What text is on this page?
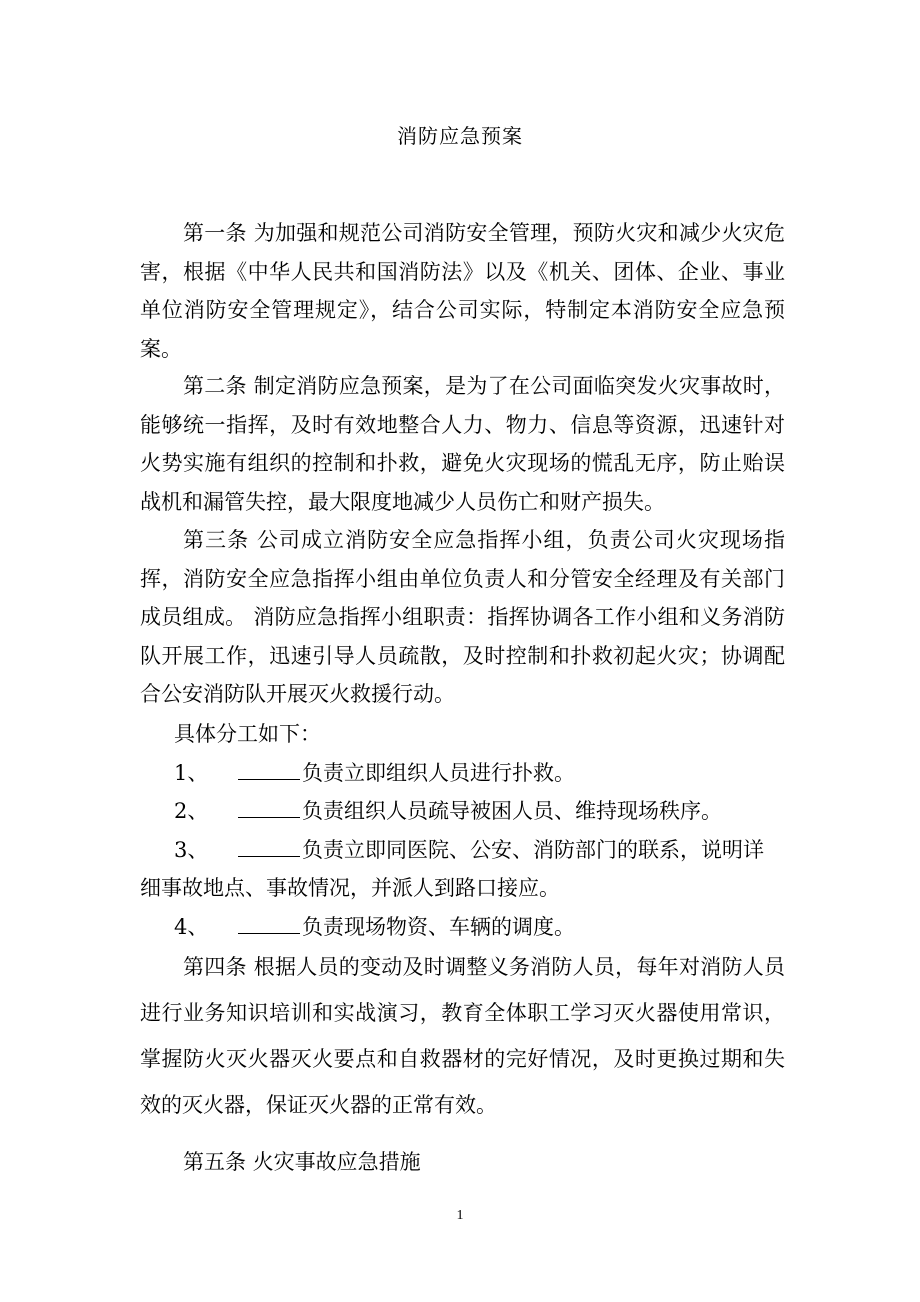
消防应急预案

第一条 为加强和规范公司消防安全管理，预防火灾和减少火灾危害，根据《中华人民共和国消防法》以及《机关、团体、企业、事业单位消防安全管理规定》，结合公司实际，特制定本消防安全应急预案。

第二条 制定消防应急预案，是为了在公司面临突发火灾事故时，能够统一指挥，及时有效地整合人力、物力、信息等资源，迅速针对火势实施有组织的控制和扑救，避免火灾现场的慌乱无序，防止贻误战机和漏管失控，最大限度地减少人员伤亡和财产损失。

第三条 公司成立消防安全应急指挥小组，负责公司火灾现场指挥，消防安全应急指挥小组由单位负责人和分管安全经理及有关部门成员组成。 消防应急指挥小组职责：指挥协调各工作小组和义务消防队开展工作，迅速引导人员疏散，及时控制和扑救初起火灾；协调配合公安消防队开展灭火救援行动。

具体分工如下：

1、	负责立即组织人员进行扑救。

2、	负责组织人员疏导被困人员、维持现场秩序。

3、	负责立即同医院、公安、消防部门的联系，说明详

细事故地点、事故情况，并派人到路口接应。

4、	负责现场物资、车辆的调度。

第四条 根据人员的变动及时调整义务消防人员，每年对消防人员进行业务知识培训和实战演习，教育全体职工学习灭火器使用常识，掌握防火灭火器灭火要点和自救器材的完好情况，及时更换过期和失效的灭火器，保证灭火器的正常有效。

第五条 火灾事故应急措施

1
